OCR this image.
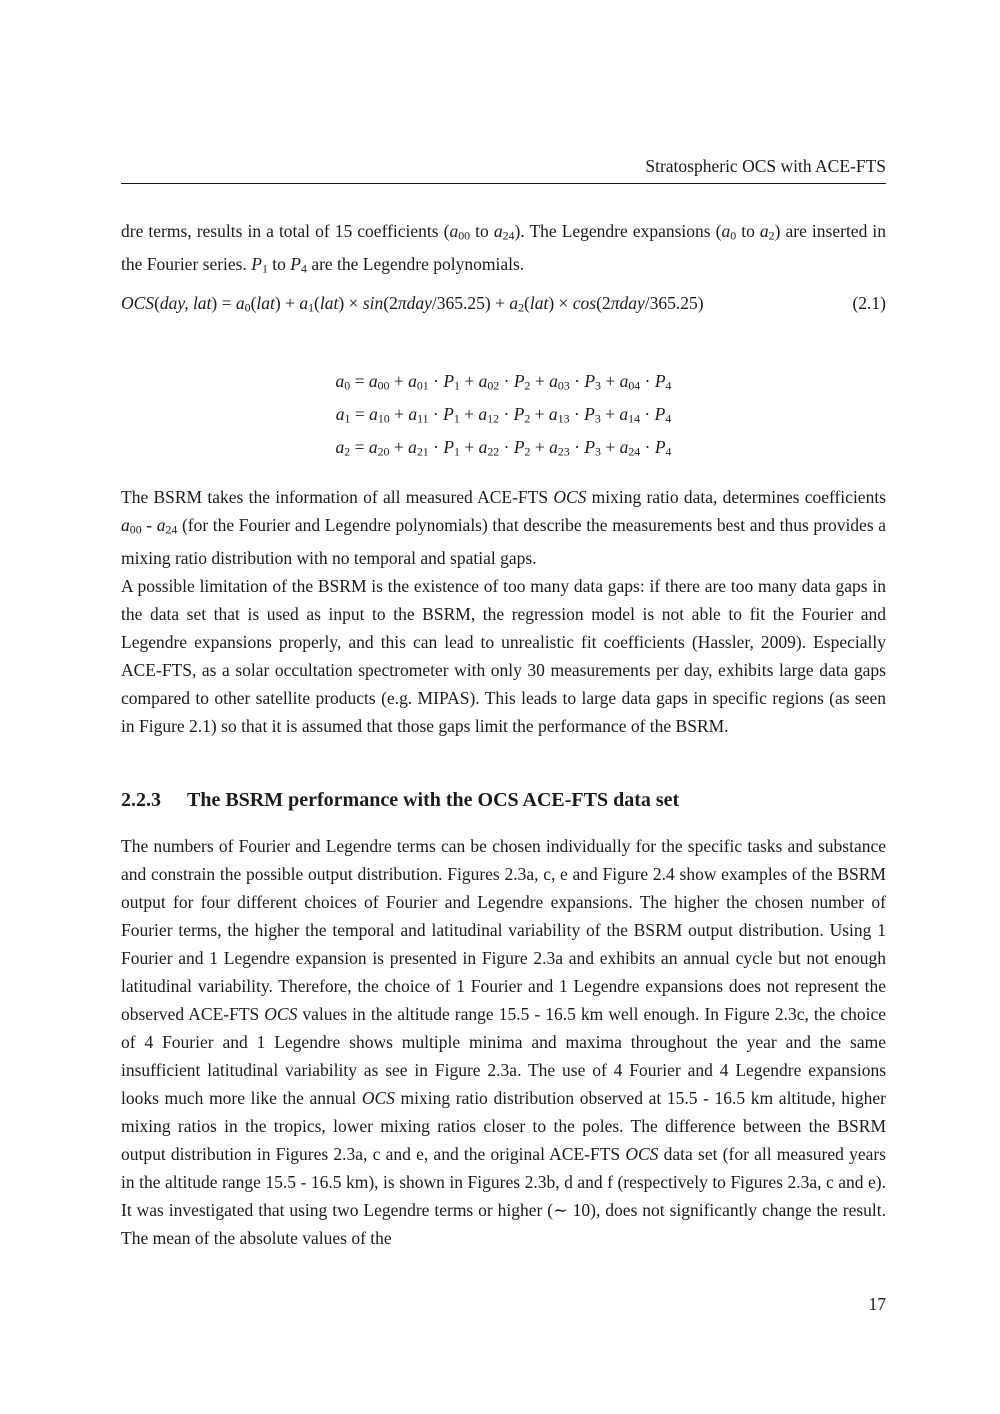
Stratospheric OCS with ACE-FTS
dre terms, results in a total of 15 coefficients (a00 to a24). The Legendre expansions (a0 to a2) are inserted in the Fourier series. P1 to P4 are the Legendre polynomials.
OCS(day, lat) = a0(lat) + a1(lat) × sin(2πday/365.25) + a2(lat) × cos(2πday/365.25)	(2.1)
a0 = a00 + a01 · P1 + a02 · P2 + a03 · P3 + a04 · P4
a1 = a10 + a11 · P1 + a12 · P2 + a13 · P3 + a14 · P4
a2 = a20 + a21 · P1 + a22 · P2 + a23 · P3 + a24 · P4

The BSRM takes the information of all measured ACE-FTS OCS mixing ratio data, determines coefficients a00 - a24 (for the Fourier and Legendre polynomials) that describe the measurements best and thus provides a mixing ratio distribution with no temporal and spatial gaps.

A possible limitation of the BSRM is the existence of too many data gaps: if there are too many data gaps in the data set that is used as input to the BSRM, the regression model is not able to fit the Fourier and Legendre expansions properly, and this can lead to unrealistic fit coefficients (Hassler, 2009). Especially ACE-FTS, as a solar occultation spectrometer with only 30 measurements per day, exhibits large data gaps compared to other satellite products (e.g. MIPAS). This leads to large data gaps in specific regions (as seen in Figure 2.1) so that it is assumed that those gaps limit the performance of the BSRM.

2.2.3 The BSRM performance with the OCS ACE-FTS data set
The numbers of Fourier and Legendre terms can be chosen individually for the specific tasks and substance and constrain the possible output distribution. Figures 2.3a, c, e and Figure 2.4 show examples of the BSRM output for four different choices of Fourier and Legendre expansions. The higher the chosen number of Fourier terms, the higher the temporal and latitudinal variability of the BSRM output distribution. Using 1 Fourier and 1 Legendre expansion is presented in Figure 2.3a and exhibits an annual cycle but not enough latitudinal variability. Therefore, the choice of 1 Fourier and 1 Legendre expansions does not represent the observed ACE-FTS OCS values in the altitude range 15.5 - 16.5 km well enough. In Figure 2.3c, the choice of 4 Fourier and 1 Legendre shows multiple minima and maxima throughout the year and the same insufficient latitudinal variability as see in Figure 2.3a. The use of 4 Fourier and 4 Legendre expansions looks much more like the annual OCS mixing ratio distribution observed at 15.5 - 16.5 km altitude, higher mixing ratios in the tropics, lower mixing ratios closer to the poles. The difference between the BSRM output distribution in Figures 2.3a, c and e, and the original ACE-FTS OCS data set (for all measured years in the altitude range 15.5 - 16.5 km), is shown in Figures 2.3b, d and f (respectively to Figures 2.3a, c and e). It was investigated that using two Legendre terms or higher (∼ 10), does not significantly change the result. The mean of the absolute values of the
17
